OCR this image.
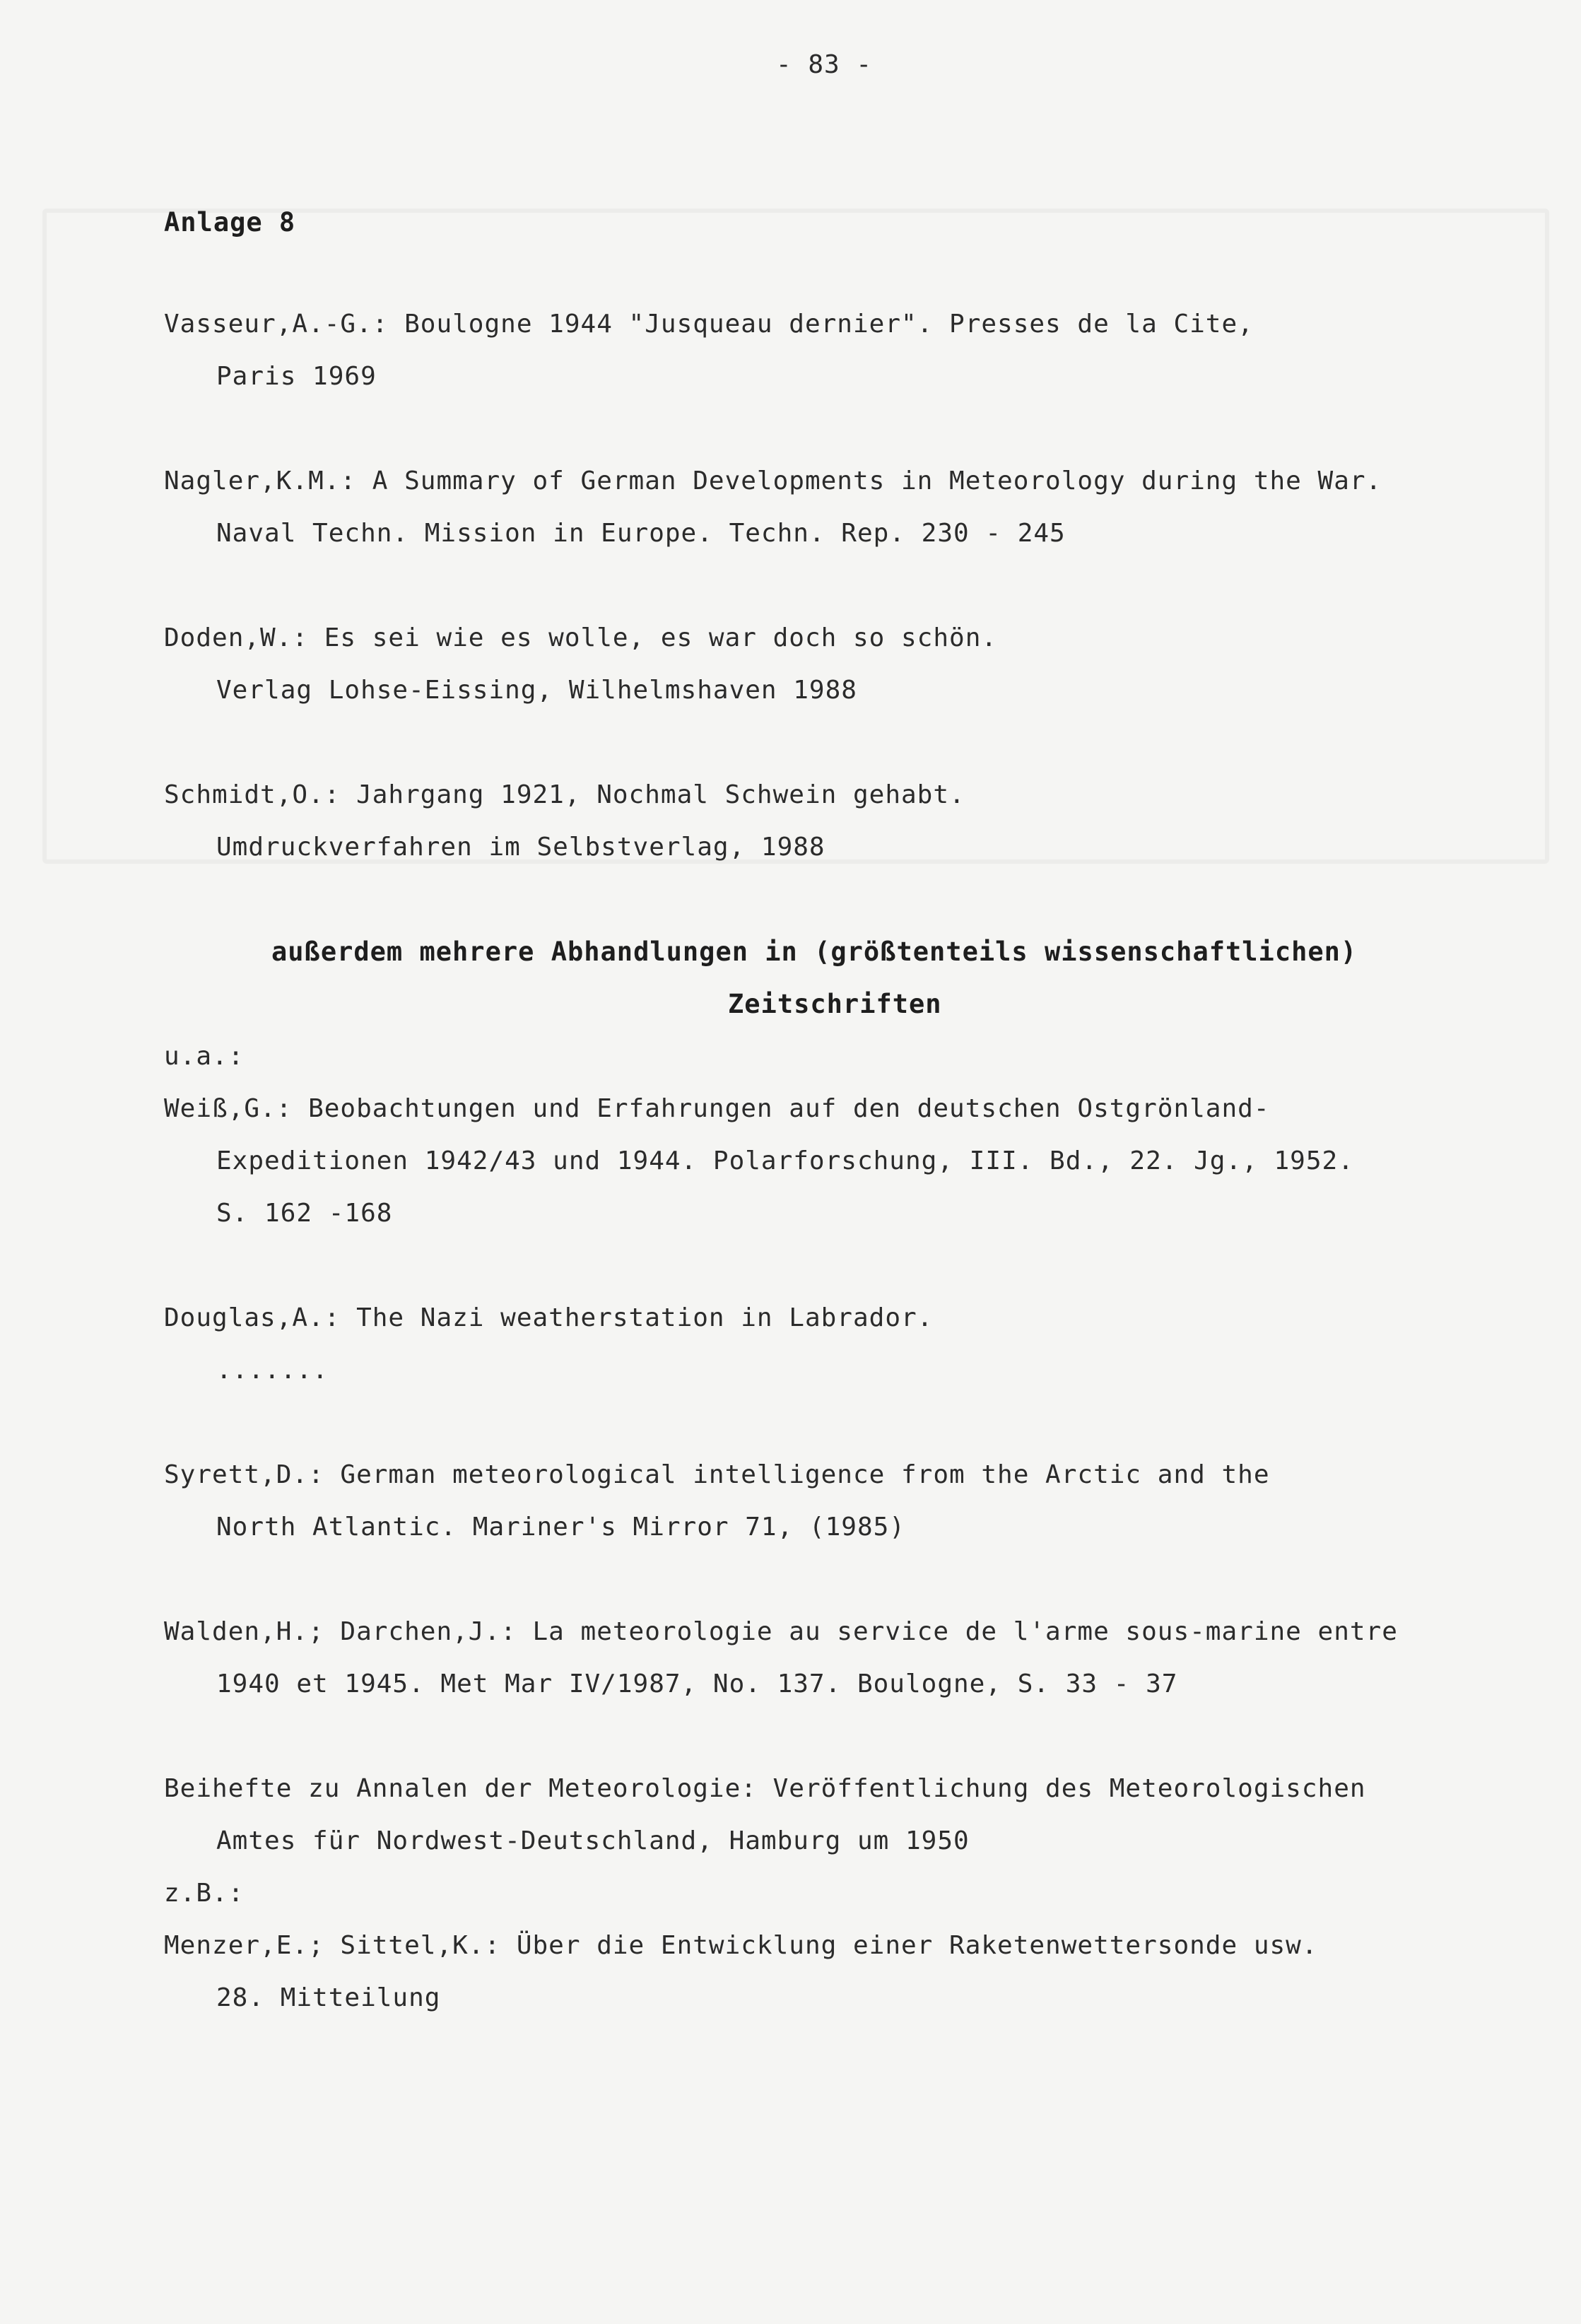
- 83 -
Anlage 8
Vasseur,A.-G.: Boulogne 1944 "Jusqueau dernier". Presses de la Cite,
Paris 1969
Nagler,K.M.: A Summary of German Developments in Meteorology during the War.
Naval Techn. Mission in Europe. Techn. Rep. 230 - 245
Doden,W.: Es sei wie es wolle, es war doch so schön.
Verlag Lohse-Eissing, Wilhelmshaven 1988
Schmidt,O.: Jahrgang 1921, Nochmal Schwein gehabt.
Umdruckverfahren im Selbstverlag, 1988
außerdem mehrere Abhandlungen in (größtenteils wissenschaftlichen)
Zeitschriften
u.a.:
Weiß,G.: Beobachtungen und Erfahrungen auf den deutschen Ostgrönland-
Expeditionen 1942/43 und 1944. Polarforschung, III. Bd., 22. Jg., 1952.
S. 162 -168
Douglas,A.: The Nazi weatherstation in Labrador.
.......
Syrett,D.: German meteorological intelligence from the Arctic and the
North Atlantic. Mariner's Mirror 71, (1985)
Walden,H.; Darchen,J.: La meteorologie au service de l'arme sous-marine entre
1940 et 1945. Met Mar IV/1987, No. 137. Boulogne, S. 33 - 37
Beihefte zu Annalen der Meteorologie: Veröffentlichung des Meteorologischen
Amtes für Nordwest-Deutschland, Hamburg um 1950
z.B.:
Menzer,E.; Sittel,K.: Über die Entwicklung einer Raketenwettersonde usw.
28. Mitteilung
